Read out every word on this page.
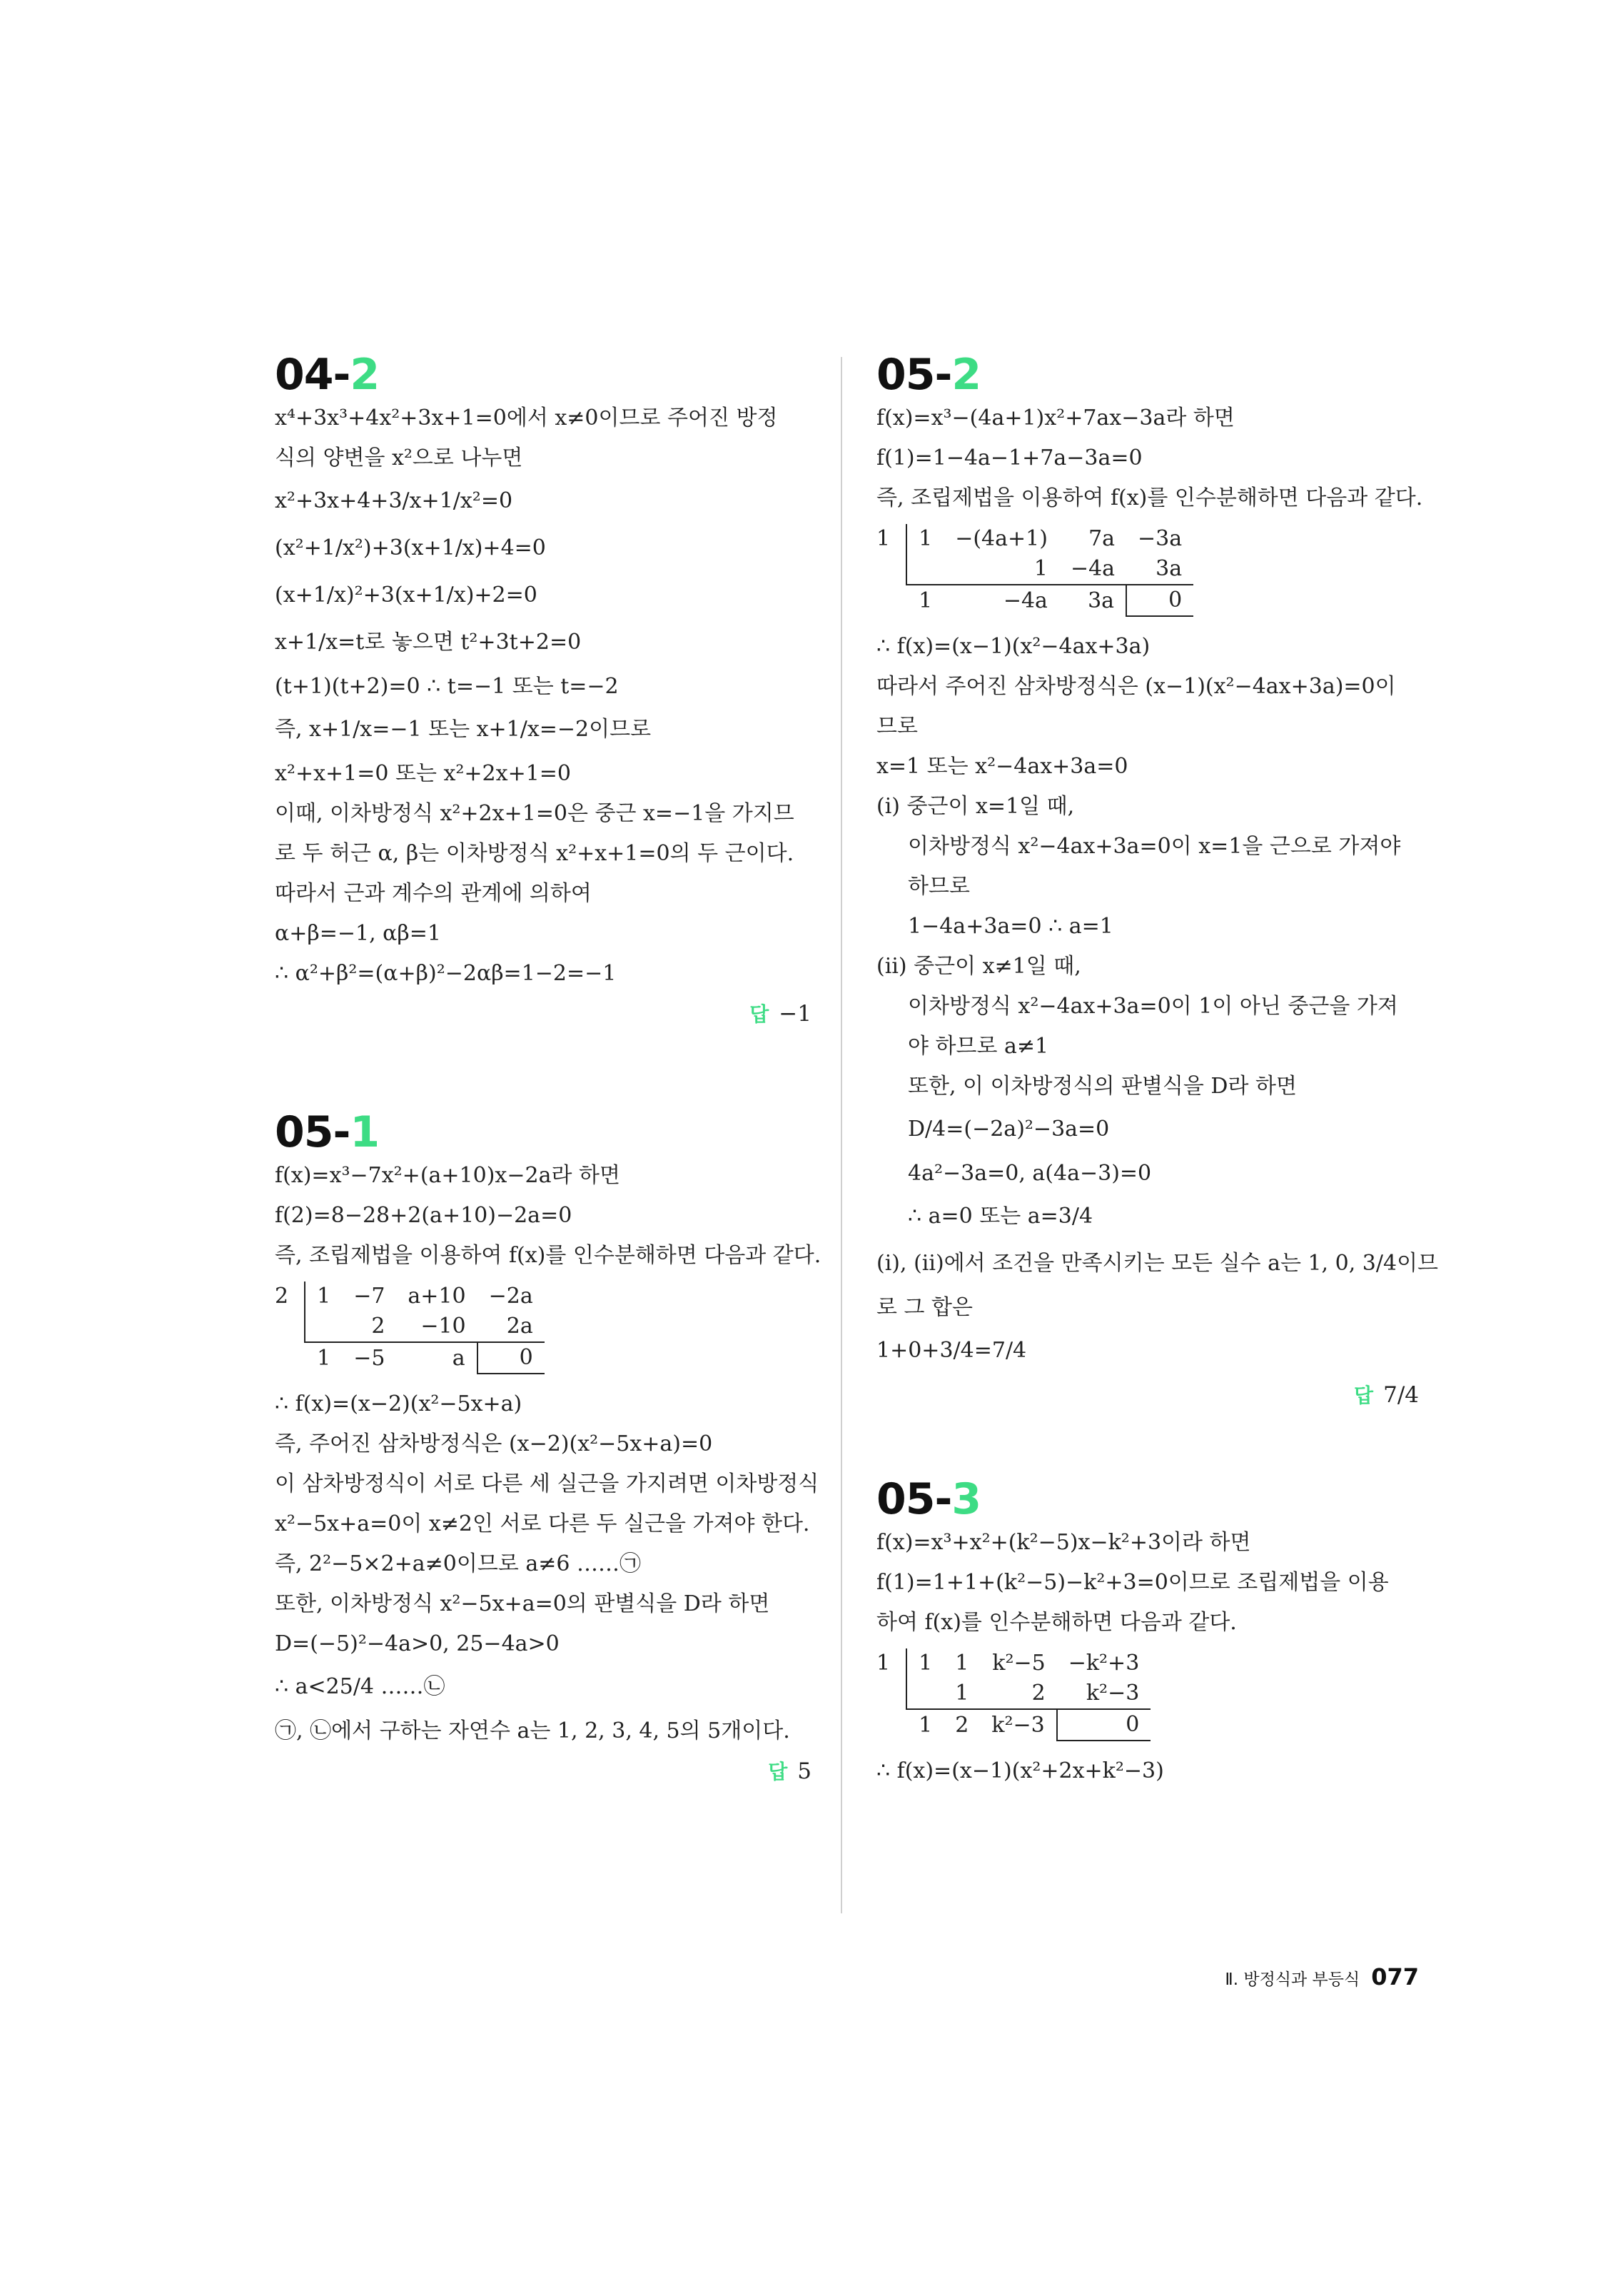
04-2
x⁴+3x³+4x²+3x+1=0에서 x≠0이므로 주어진 방정
식의 양변을 x²으로 나누면
x²+3x+4+3/x+1/x²=0
(x²+1/x²)+3(x+1/x)+4=0
(x+1/x)²+3(x+1/x)+2=0
x+1/x=t로 놓으면 t²+3t+2=0
(t+1)(t+2)=0 ∴ t=−1 또는 t=−2
즉, x+1/x=−1 또는 x+1/x=−2이므로
x²+x+1=0 또는 x²+2x+1=0
이때, 이차방정식 x²+2x+1=0은 중근 x=−1을 가지므
로 두 허근 α, β는 이차방정식 x²+x+1=0의 두 근이다.
따라서 근과 계수의 관계에 의하여
α+β=−1, αβ=1
∴ α²+β²=(α+β)²−2αβ=1−2=−1
답 −1
05-1
f(x)=x³−7x²+(a+10)x−2a라 하면
f(2)=8−28+2(a+10)−2a=0
즉, 조립제법을 이용하여 f(x)를 인수분해하면 다음과 같다.
2	1	−7	a+10	−2a
		2	−10	2a
	1	−5	a	0
∴ f(x)=(x−2)(x²−5x+a)
즉, 주어진 삼차방정식은 (x−2)(x²−5x+a)=0
이 삼차방정식이 서로 다른 세 실근을 가지려면 이차방정식
x²−5x+a=0이 x≠2인 서로 다른 두 실근을 가져야 한다.
즉, 2²−5×2+a≠0이므로 a≠6 ……㉠
또한, 이차방정식 x²−5x+a=0의 판별식을 D라 하면
D=(−5)²−4a>0, 25−4a>0
∴ a<25/4 ……㉡
㉠, ㉡에서 구하는 자연수 a는 1, 2, 3, 4, 5의 5개이다.
답 5
05-2
f(x)=x³−(4a+1)x²+7ax−3a라 하면
f(1)=1−4a−1+7a−3a=0
즉, 조립제법을 이용하여 f(x)를 인수분해하면 다음과 같다.
1	1	−(4a+1)	7a	−3a
		1	−4a	3a
	1	−4a	3a	0
∴ f(x)=(x−1)(x²−4ax+3a)
따라서 주어진 삼차방정식은 (x−1)(x²−4ax+3a)=0이
므로
x=1 또는 x²−4ax+3a=0
(ⅰ) 중근이 x=1일 때,
이차방정식 x²−4ax+3a=0이 x=1을 근으로 가져야
하므로
1−4a+3a=0 ∴ a=1
(ⅱ) 중근이 x≠1일 때,
이차방정식 x²−4ax+3a=0이 1이 아닌 중근을 가져
야 하므로 a≠1
또한, 이 이차방정식의 판별식을 D라 하면
D/4=(−2a)²−3a=0
4a²−3a=0, a(4a−3)=0
∴ a=0 또는 a=3/4
(ⅰ), (ⅱ)에서 조건을 만족시키는 모든 실수 a는 1, 0, 3/4이므
로 그 합은
1+0+3/4=7/4
답 7/4
05-3
f(x)=x³+x²+(k²−5)x−k²+3이라 하면
f(1)=1+1+(k²−5)−k²+3=0이므로 조립제법을 이용
하여 f(x)를 인수분해하면 다음과 같다.
1	1	1	k²−5	−k²+3
		1	2	k²−3
	1	2	k²−3	0
∴ f(x)=(x−1)(x²+2x+k²−3)
Ⅱ. 방정식과 부등식 077
